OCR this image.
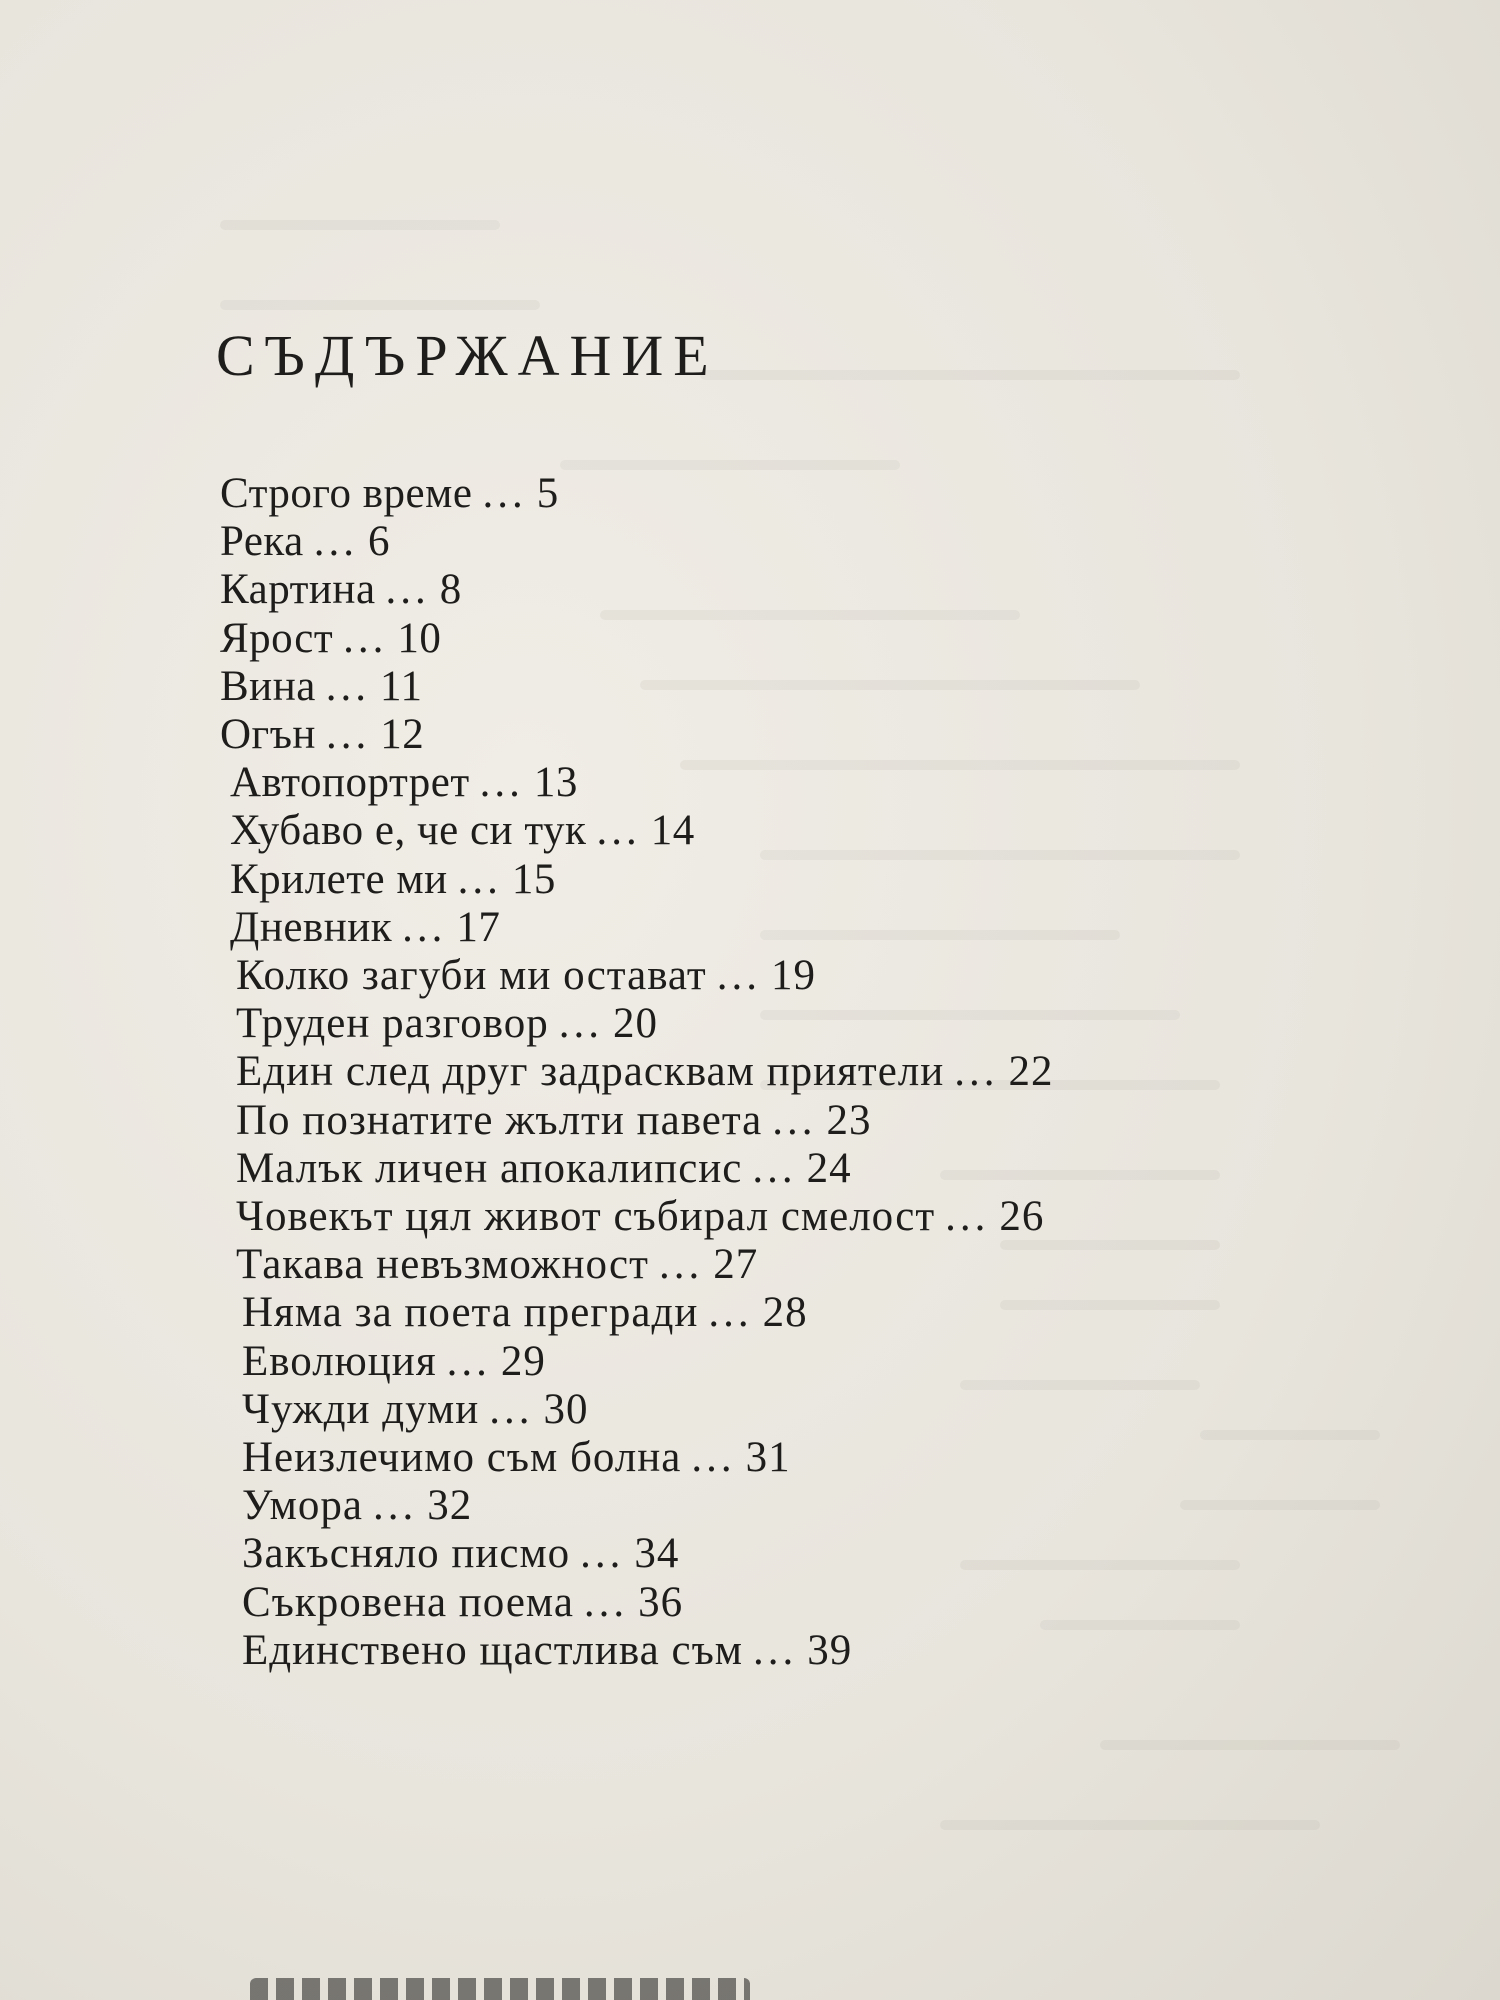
СЪДЪРЖАНИЕ
Строго време ... 5
Река ... 6
Картина ... 8
Ярост ... 10
Вина ... 11
Огън ... 12
Автопортрет ... 13
Хубаво е, че си тук ... 14
Крилете ми ... 15
Дневник ... 17
Колко загуби ми остават ... 19
Труден разговор ... 20
Един след друг задрасквам приятели ... 22
По познатите жълти павета ... 23
Малък личен апокалипсис ... 24
Човекът цял живот събирал смелост ... 26
Такава невъзможност ... 27
Няма за поета прегради ... 28
Еволюция ... 29
Чужди думи ... 30
Неизлечимо съм болна ... 31
Умора ... 32
Закъсняло писмо ... 34
Съкровена поема ... 36
Единствено щастлива съм ... 39
